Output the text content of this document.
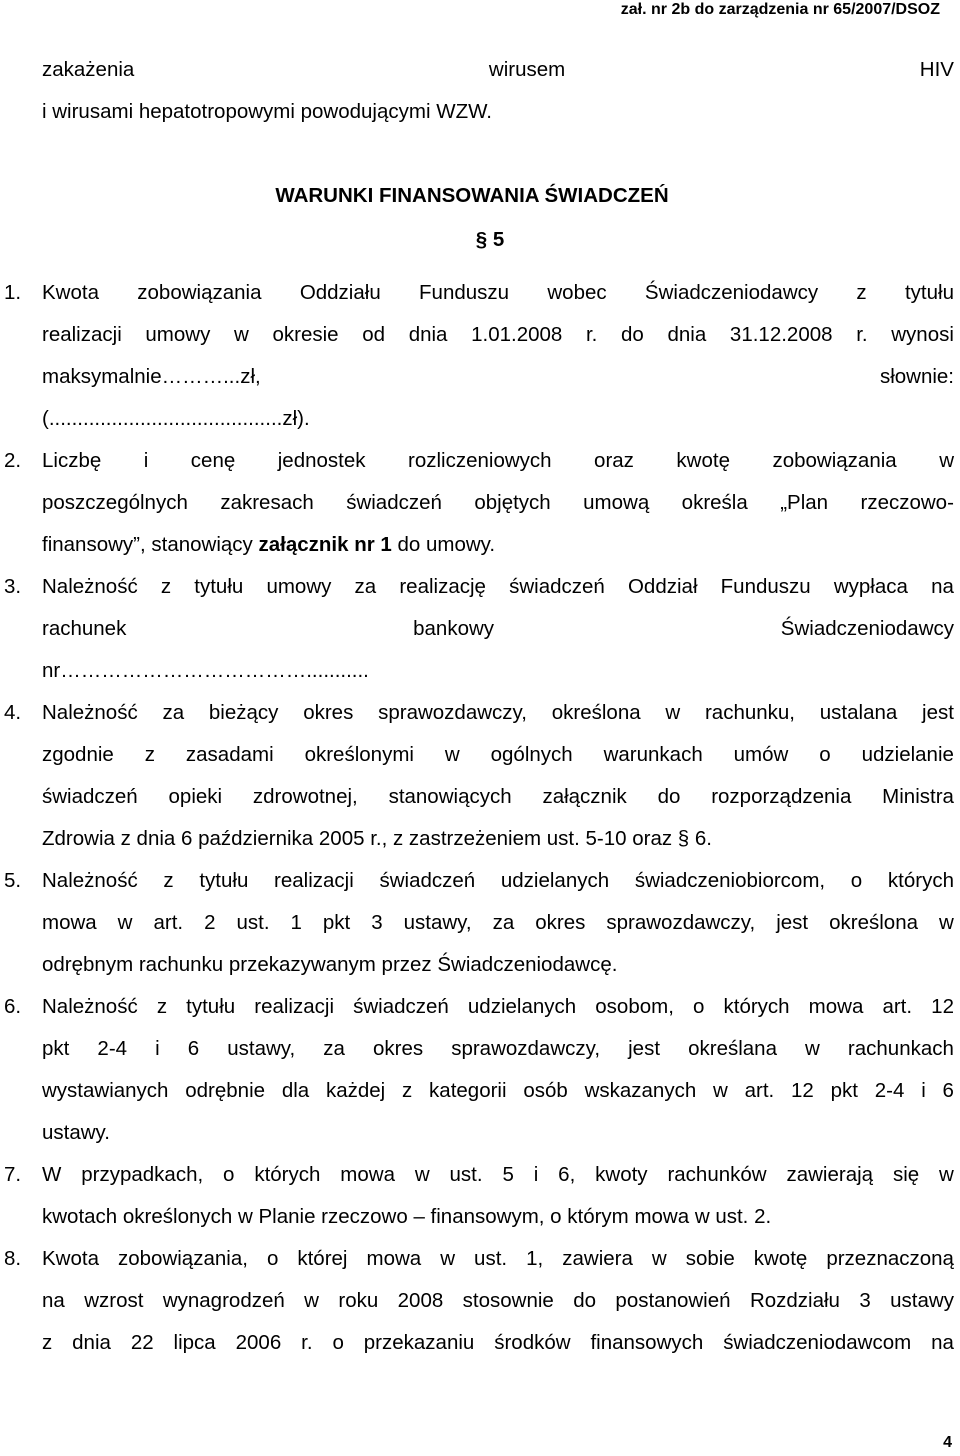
zał. nr 2b do zarządzenia nr 65/2007/DSOZ
zakażenia	wirusem	HIV
i wirusami hepatotropowymi powodującymi WZW.
WARUNKI FINANSOWANIA ŚWIADCZEŃ
§ 5
1. Kwota zobowiązania Oddziału Funduszu wobec Świadczeniodawcy z tytułu
realizacji umowy w okresie od dnia 1.01.2008 r. do dnia 31.12.2008 r. wynosi
maksymalnie………...zł,	słownie:
(.........................................zł).
2. Liczbę i cenę jednostek rozliczeniowych oraz kwotę zobowiązania w
poszczególnych zakresach świadczeń objętych umową określa „Plan rzeczowo-
finansowy”, stanowiący załącznik nr 1 do umowy.
3. Należność z tytułu umowy za realizację świadczeń Oddział Funduszu wypłaca na
rachunek	bankowy	Świadczeniodawcy
nr………………………………...........
4. Należność za bieżący okres sprawozdawczy, określona w rachunku, ustalana jest
zgodnie z zasadami określonymi w ogólnych warunkach umów o udzielanie
świadczeń opieki zdrowotnej, stanowiących załącznik do rozporządzenia Ministra
Zdrowia z dnia 6 października 2005 r., z zastrzeżeniem ust. 5-10 oraz § 6.
5. Należność z tytułu realizacji świadczeń udzielanych świadczeniobiorcom, o których
mowa w art. 2 ust. 1 pkt 3 ustawy, za okres sprawozdawczy, jest określona w
odrębnym rachunku przekazywanym przez Świadczeniodawcę.
6. Należność z tytułu realizacji świadczeń udzielanych osobom, o których mowa art. 12
pkt 2-4 i 6 ustawy, za okres sprawozdawczy, jest określana w rachunkach
wystawianych odrębnie dla każdej z kategorii osób wskazanych w art. 12 pkt 2-4 i 6
ustawy.
7. W przypadkach, o których mowa w ust. 5 i 6, kwoty rachunków zawierają się w
kwotach określonych w Planie rzeczowo – finansowym, o którym mowa w ust. 2.
8. Kwota zobowiązania, o której mowa w ust. 1, zawiera w sobie kwotę przeznaczoną
na wzrost wynagrodzeń w roku 2008 stosownie do postanowień Rozdziału 3 ustawy
z dnia 22 lipca 2006 r. o przekazaniu środków finansowych świadczeniodawcom na
4
